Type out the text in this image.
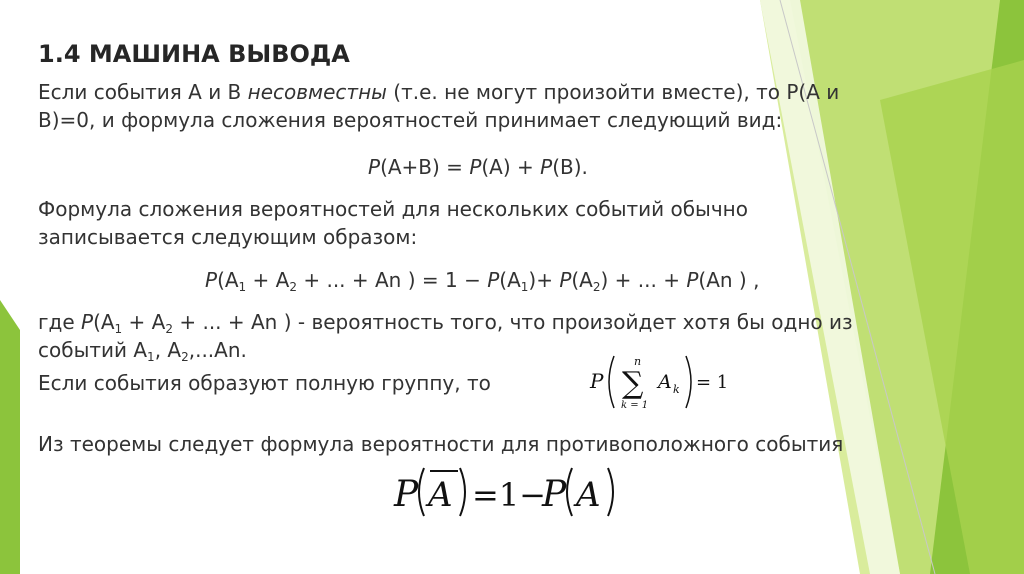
1.4 МАШИНА ВЫВОДА
Если события А и В несовместны (т.е. не могут произойти вместе), то Р(А и
В)=0, и формула сложения вероятностей принимает следующий вид:
P(A+B) = P(A) + P(B).
Формула сложения вероятностей для нескольких событий обычно
записывается следующим образом:
$P(A_1 + A_2$ + ... + An ) = $1 - P(A_1)+ P(A_2)$ + ... + P(An ) ,
где $P(A_1 + A_2$ + ... + An ) - вероятность того, что произойдет хотя бы одно из
событий $А_1$, $А_2,...An$.
Если события образуют полную группу, то	P
n
∑
k = 1
A k = 1
Из теоремы следует формула вероятности для противоположного события
P A =1−
P A
